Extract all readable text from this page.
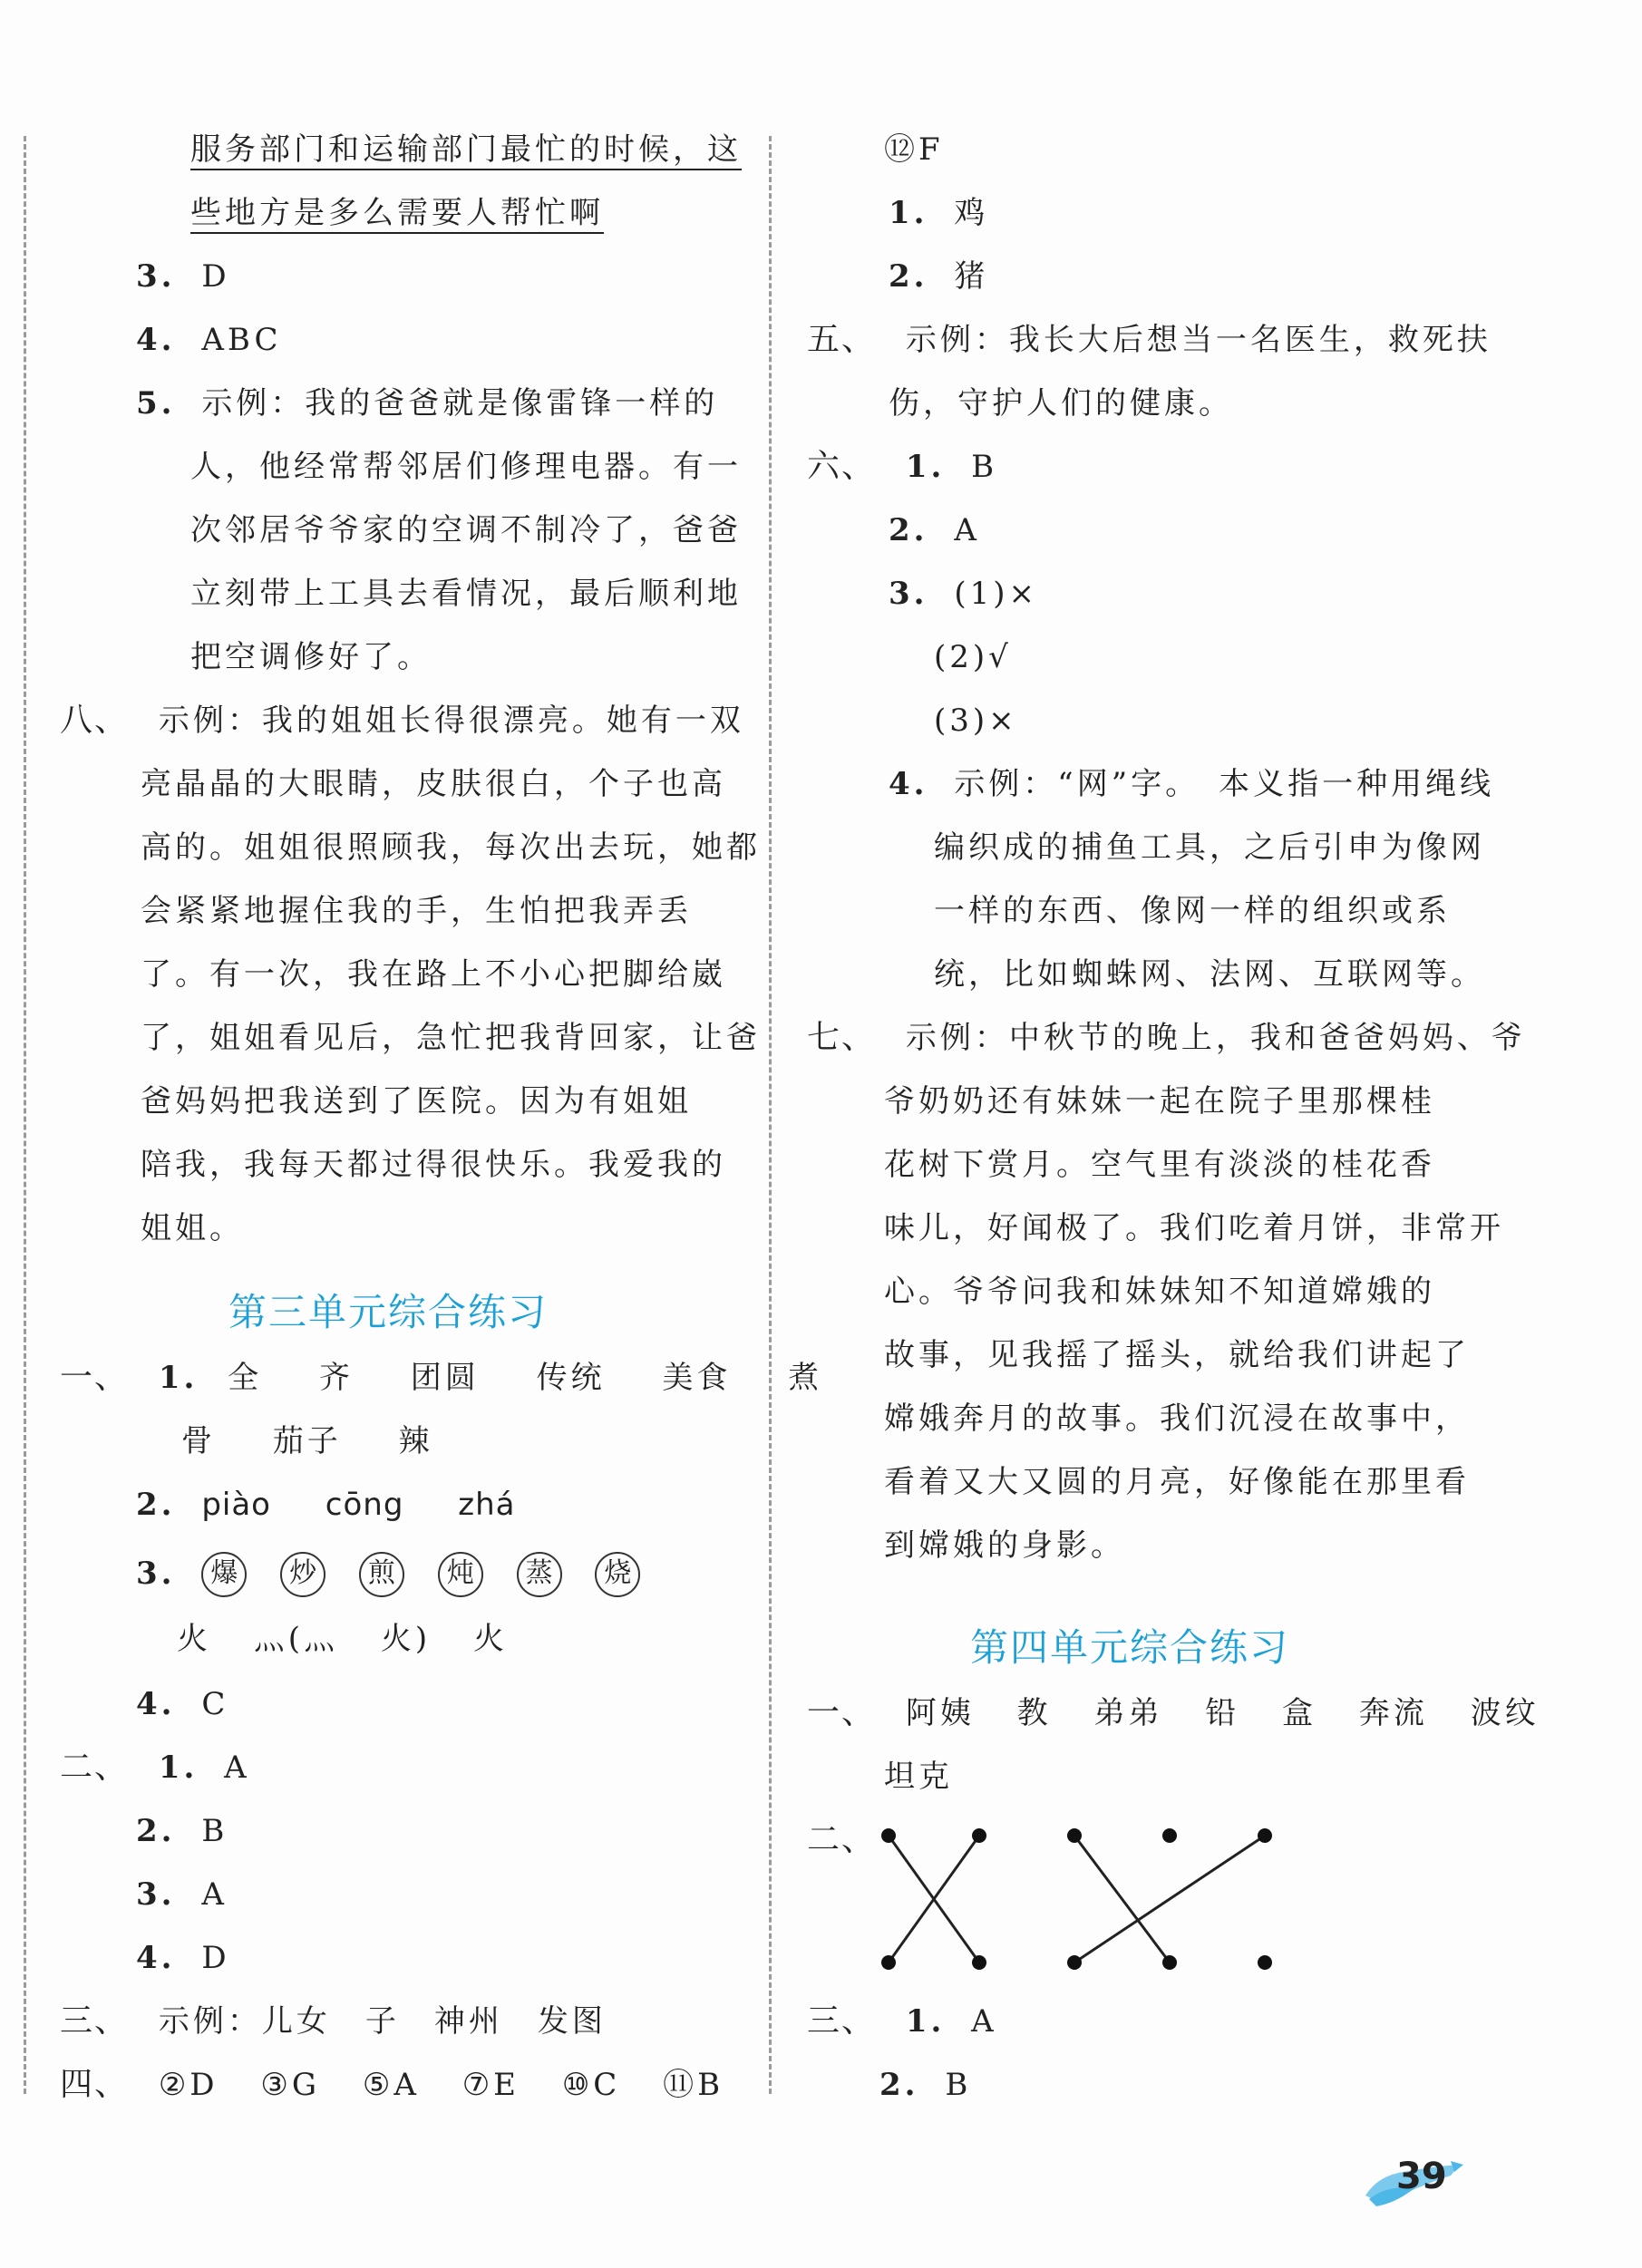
服务部门和运输部门最忙的时候，这
些地方是多么需要人帮忙啊
3. D
4. ABC
5. 示例：我的爸爸就是像雷锋一样的
人，他经常帮邻居们修理电器。有一
次邻居爷爷家的空调不制冷了，爸爸
立刻带上工具去看情况，最后顺利地
把空调修好了。
八、 示例：我的姐姐长得很漂亮。她有一双
亮晶晶的大眼睛，皮肤很白，个子也高
高的。姐姐很照顾我，每次出去玩，她都
会紧紧地握住我的手，生怕把我弄丢
了。有一次，我在路上不小心把脚给崴
了，姐姐看见后，急忙把我背回家，让爸
爸妈妈把我送到了医院。因为有姐姐
陪我，我每天都过得很快乐。我爱我的
姐姐。
第三单元综合练习
一、 1. 全 齐 团圆 传统 美食 煮
骨 茄子 辣
2. piào cōng zhá
3. 爆 炒 煎 炖 蒸 烧
火 灬(灬 火) 火
4. C
二、 1. A
2. B
3. A
4. D
三、 示例：儿女　子　神州　发图
四、 ②D ③G ⑤A ⑦E ⑩C ⑪B
⑫F
1. 鸡
2. 猪
五、 示例：我长大后想当一名医生，救死扶
伤，守护人们的健康。
六、 1. B
2. A
3. (1)×
(2)√
(3)×
4. 示例：“网”字。　本义指一种用绳线
编织成的捕鱼工具，之后引申为像网
一样的东西、像网一样的组织或系
统，比如蜘蛛网、法网、互联网等。
七、 示例：中秋节的晚上，我和爸爸妈妈、爷
爷奶奶还有妹妹一起在院子里那棵桂
花树下赏月。空气里有淡淡的桂花香
味儿，好闻极了。我们吃着月饼，非常开
心。爷爷问我和妹妹知不知道嫦娥的
故事，见我摇了摇头，就给我们讲起了
嫦娥奔月的故事。我们沉浸在故事中，
看着又大又圆的月亮，好像能在那里看
到嫦娥的身影。
第四单元综合练习
一、 阿姨 教 弟弟 铅 盒 奔流 波纹
坦克
二、
三、 1. A
2. B
39
